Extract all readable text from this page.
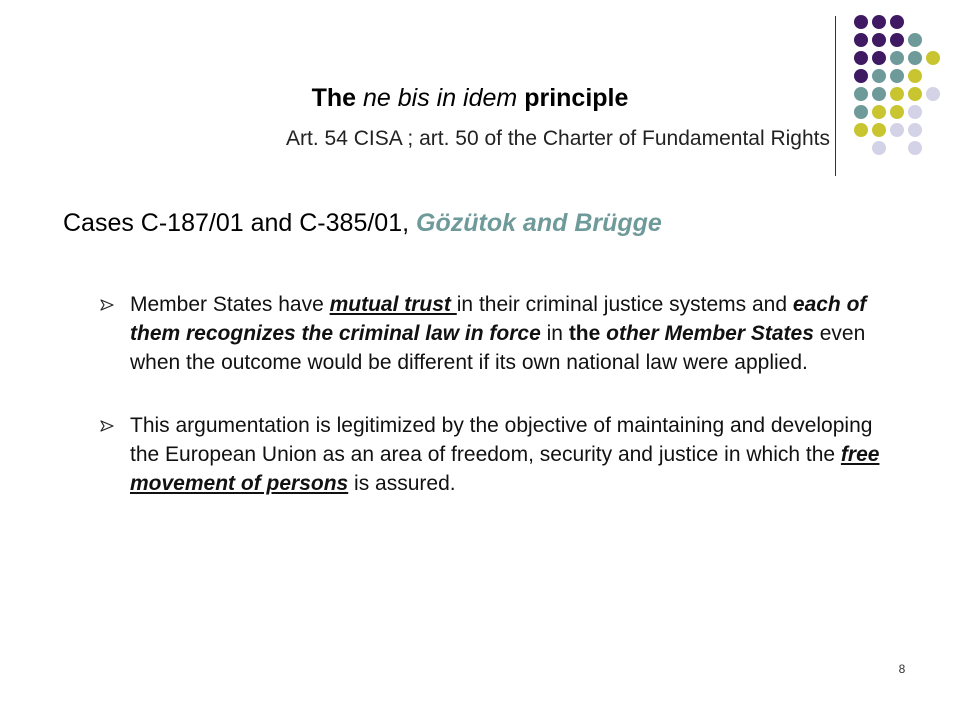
The ne bis in idem principle
Art. 54 CISA ; art. 50 of the Charter of Fundamental Rights
Cases C-187/01 and C-385/01, Gözütok and Brügge
Member States have mutual trust in their criminal justice systems and each of them recognizes the criminal law in force in the other Member States even when the outcome would be different if its own national law were applied.
This argumentation is legitimized by the objective of maintaining and developing the European Union as an area of freedom, security and justice in which the free movement of persons is assured.
8
